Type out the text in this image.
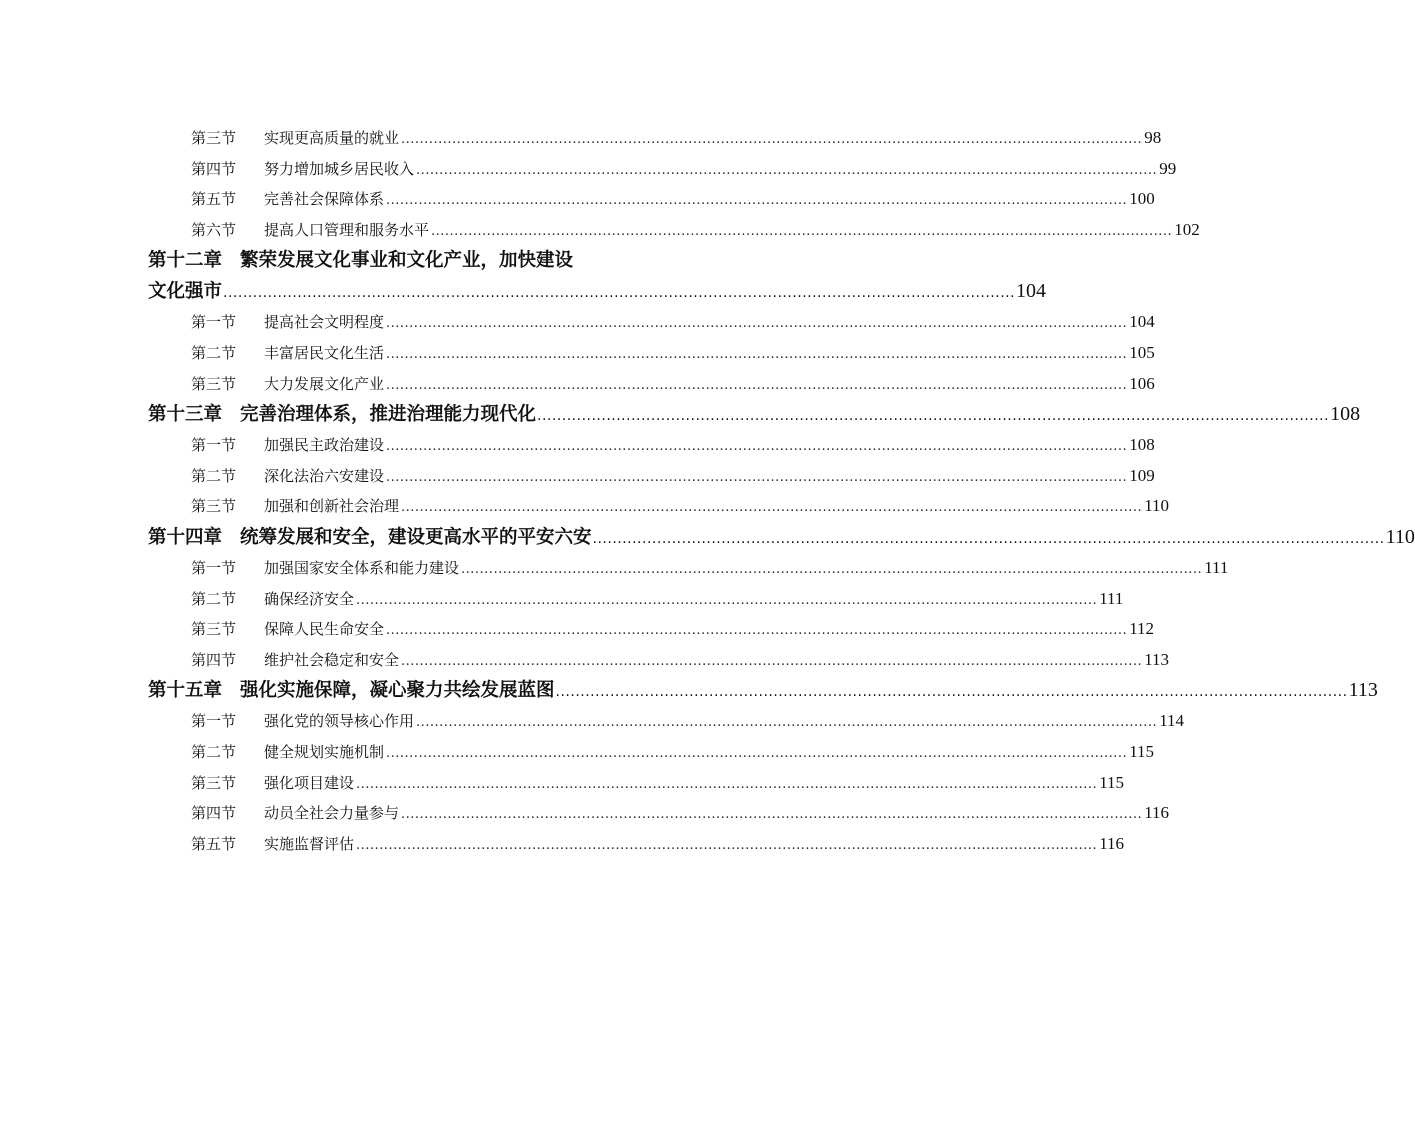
第三节	实现更高质量的就业 ................................................................................................................................................................ 98
第四节	努力增加城乡居民收入 ................................................................................................................................................................ 99
第五节	完善社会保障体系 ................................................................................................................................................................ 100
第六节	提高人口管理和服务水平 ................................................................................................................................................................ 102
第十二章 繁荣发展文化事业和文化产业，加快建设
文化强市 ................................................................................................................................................................ 104
第一节	提高社会文明程度 ................................................................................................................................................................ 104
第二节	丰富居民文化生活 ................................................................................................................................................................ 105
第三节	大力发展文化产业 ................................................................................................................................................................ 106
第十三章 完善治理体系，推进治理能力现代化 ................................................................................................................................................................ 108
第一节	加强民主政治建设 ................................................................................................................................................................ 108
第二节	深化法治六安建设 ................................................................................................................................................................ 109
第三节	加强和创新社会治理 ................................................................................................................................................................ 110
第十四章 统筹发展和安全，建设更高水平的平安六安 ................................................................................................................................................................ 110
第一节	加强国家安全体系和能力建设 ................................................................................................................................................................ 111
第二节	确保经济安全 ................................................................................................................................................................ 111
第三节	保障人民生命安全 ................................................................................................................................................................ 112
第四节	维护社会稳定和安全 ................................................................................................................................................................ 113
第十五章 强化实施保障，凝心聚力共绘发展蓝图 ................................................................................................................................................................ 113
第一节	强化党的领导核心作用 ................................................................................................................................................................ 114
第二节	健全规划实施机制 ................................................................................................................................................................ 115
第三节	强化项目建设 ................................................................................................................................................................ 115
第四节	动员全社会力量参与 ................................................................................................................................................................ 116
第五节	实施监督评估 ................................................................................................................................................................ 116
